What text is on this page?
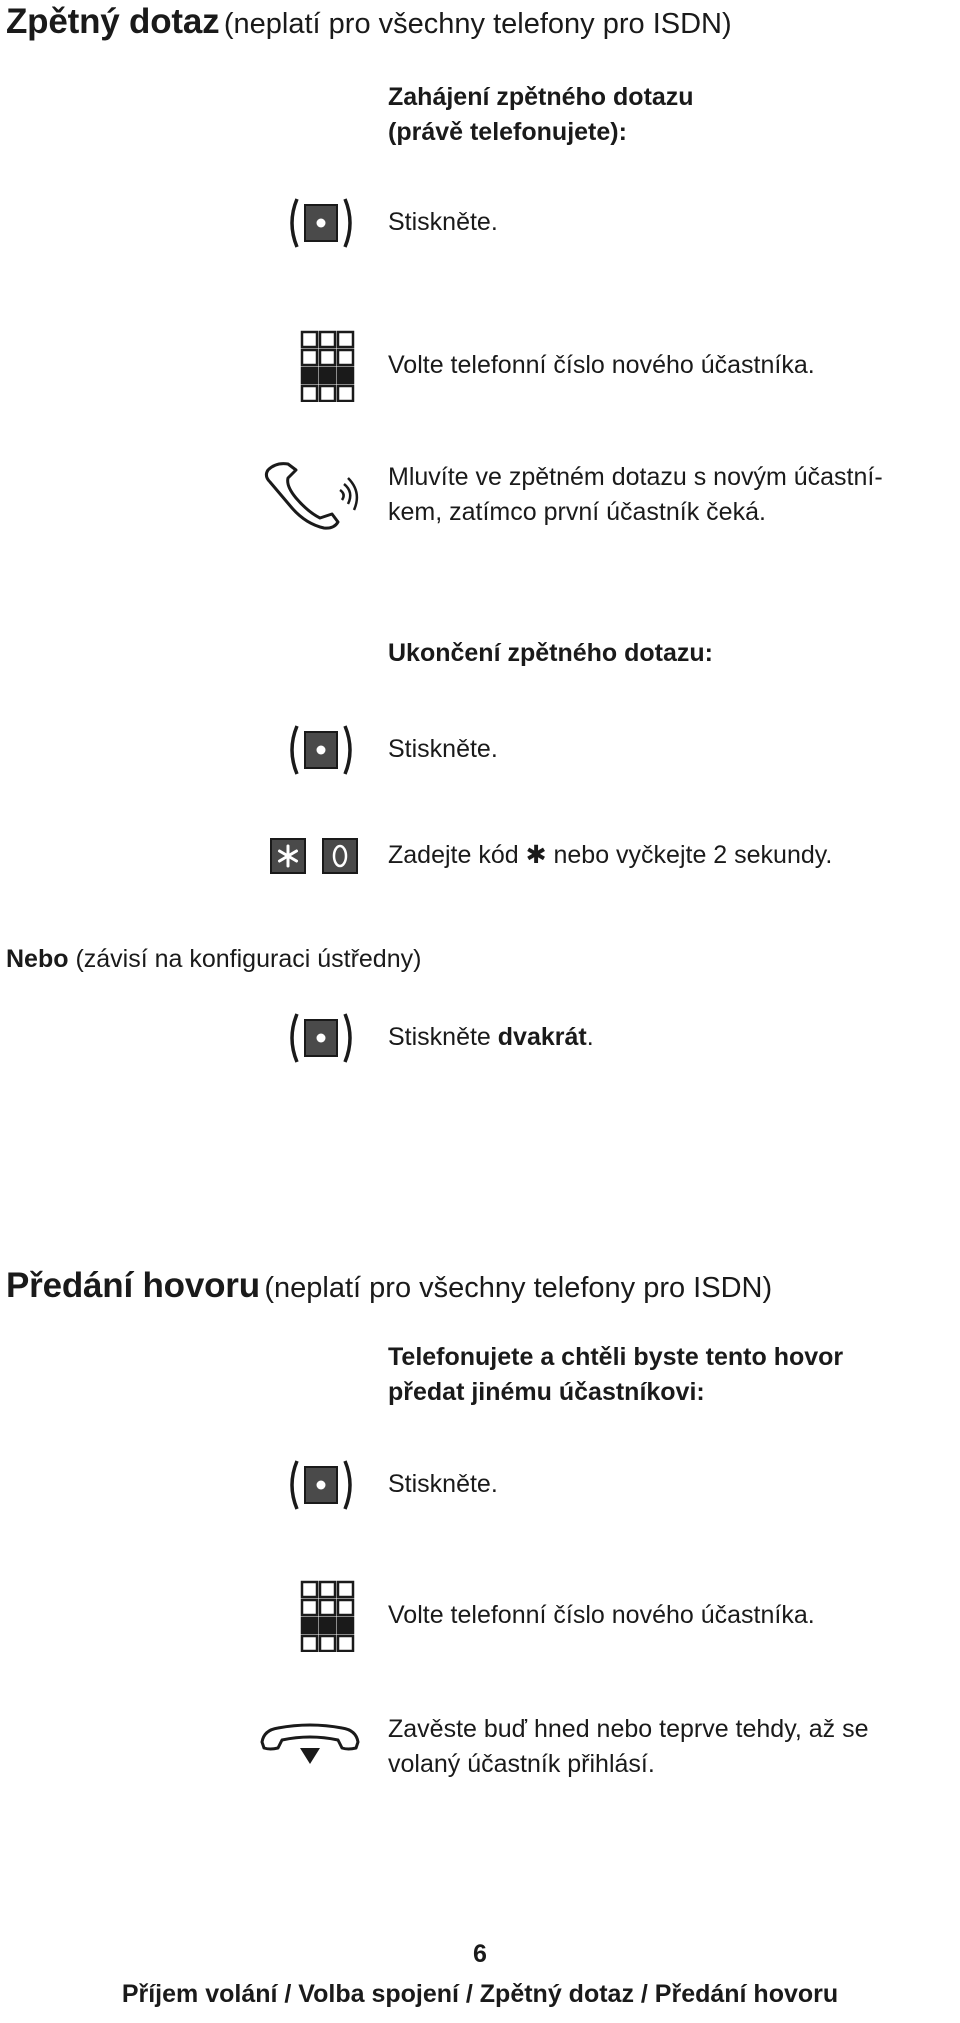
Zpětný dotaz (neplatí pro všechny telefony pro ISDN)
Zahájení zpětného dotazu
(právě telefonujete):
Stiskněte.
Volte telefonní číslo nového účastníka.
Mluvíte ve zpětném dotazu s novým účastní-
kem, zatímco první účastník čeká.
Ukončení zpětného dotazu:
Stiskněte.
Zadejte kód ✱ nebo vyčkejte 2 sekundy.
Nebo (závisí na konfiguraci ústředny)
Stiskněte dvakrát.
Předání hovoru (neplatí pro všechny telefony pro ISDN)
Telefonujete a chtěli byste tento hovor
předat jinému účastníkovi:
Stiskněte.
Volte telefonní číslo nového účastníka.
Zavěste buď hned nebo teprve tehdy, až se
volaný účastník přihlásí.
6
Příjem volání / Volba spojení / Zpětný dotaz / Předání hovoru
